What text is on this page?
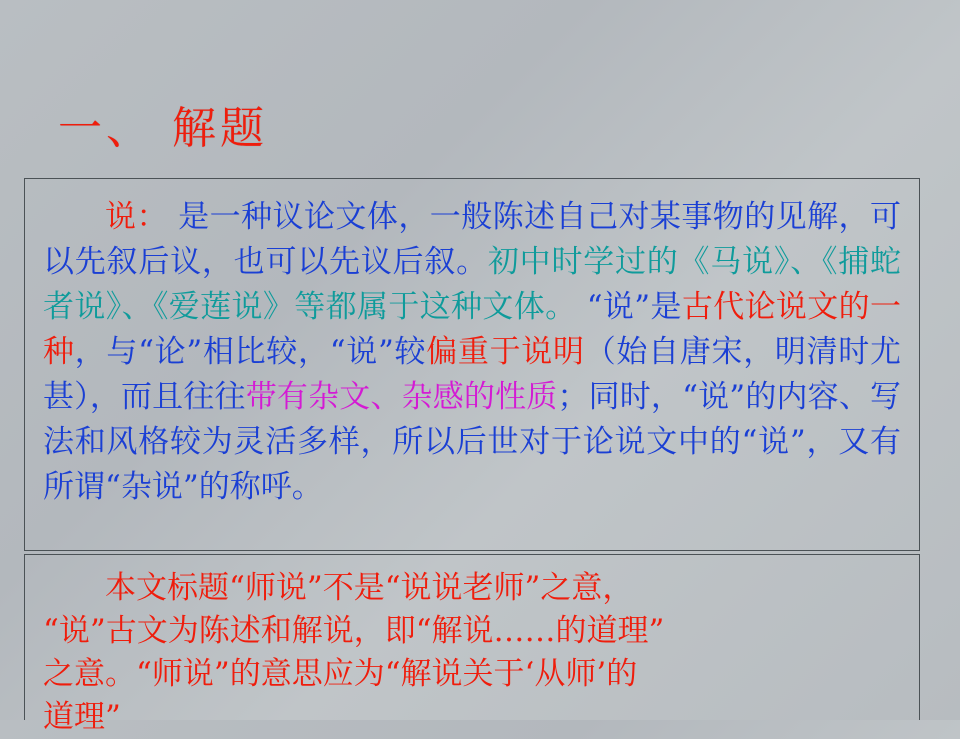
一、 解题
说： 是一种议论文体，一般陈述自己对某事物的见解，可以先叙后议，也可以先议后叙。初中时学过的《马说》、《捕蛇者说》、《爱莲说》等都属于这种文体。 “说”是古代论说文的一种，与“论”相比较，“说”较偏重于说明（始自唐宋，明清时尤甚），而且往往带有杂文、杂感的性质；同时，“说”的内容、写法和风格较为灵活多样，所以后世对于论说文中的“说”，又有所谓“杂说”的称呼。
本文标题“师说”不是“说说老师”之意，
“说”古文为陈述和解说，即“解说……的道理”
之意。“师说”的意思应为“解说关于‘从师’的
道理”
